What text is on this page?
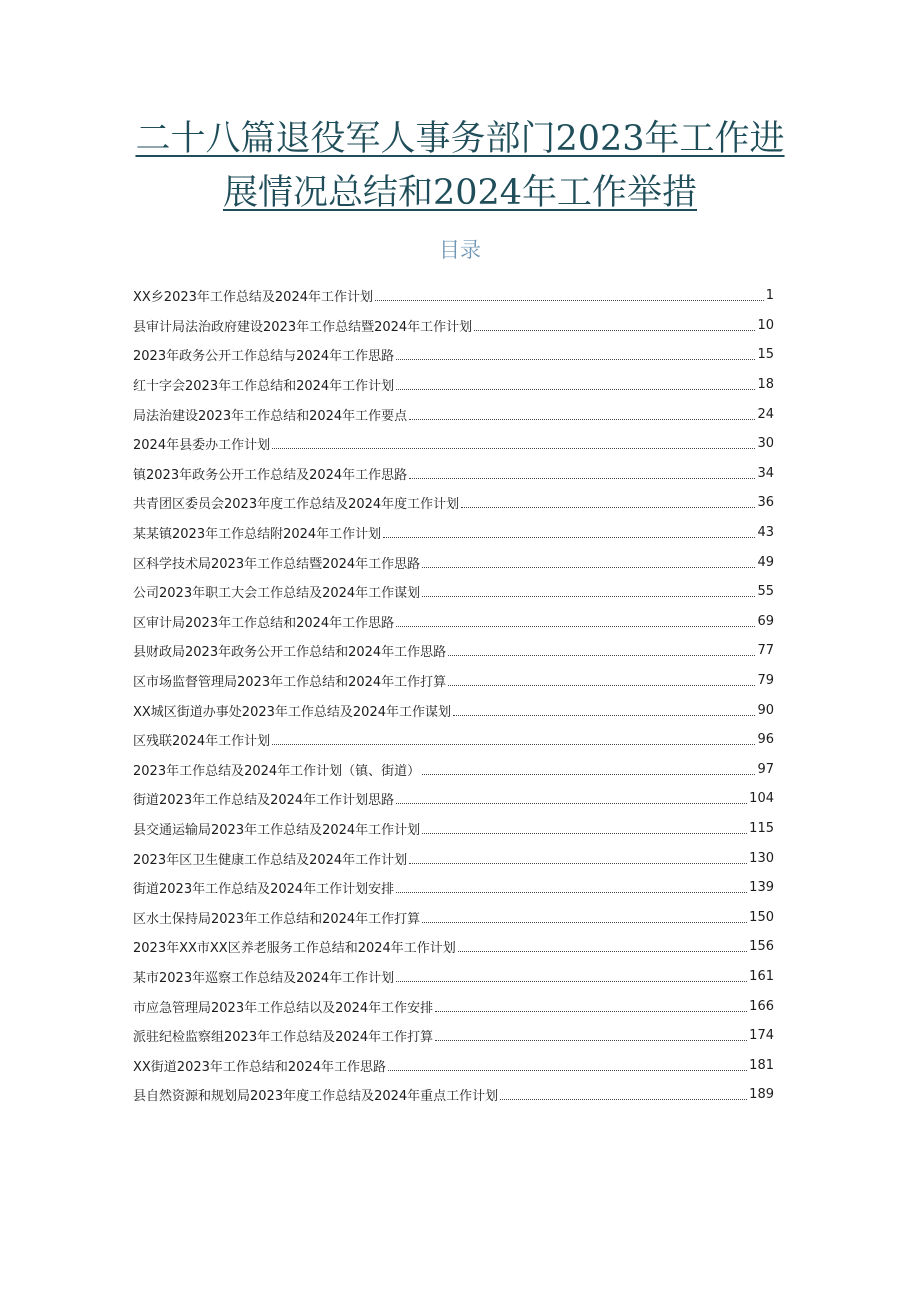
二十八篇退役军人事务部门2023年工作进
展情况总结和2024年工作举措
目录
XX乡2023年工作总结及2024年工作计划	1
县审计局法治政府建设2023年工作总结暨2024年工作计划	10
2023年政务公开工作总结与2024年工作思路	15
红十字会2023年工作总结和2024年工作计划	18
局法治建设2023年工作总结和2024年工作要点	24
2024年县委办工作计划	30
镇2023年政务公开工作总结及2024年工作思路	34
共青团区委员会2023年度工作总结及2024年度工作计划	36
某某镇2023年工作总结附2024年工作计划	43
区科学技术局2023年工作总结暨2024年工作思路	49
公司2023年职工大会工作总结及2024年工作谋划	55
区审计局2023年工作总结和2024年工作思路	69
县财政局2023年政务公开工作总结和2024年工作思路	77
区市场监督管理局2023年工作总结和2024年工作打算	79
XX城区街道办事处2023年工作总结及2024年工作谋划	90
区残联2024年工作计划	96
2023年工作总结及2024年工作计划（镇、街道）	97
街道2023年工作总结及2024年工作计划思路	104
县交通运输局2023年工作总结及2024年工作计划	115
2023年区卫生健康工作总结及2024年工作计划	130
街道2023年工作总结及2024年工作计划安排	139
区水土保持局2023年工作总结和2024年工作打算	150
2023年XX市XX区养老服务工作总结和2024年工作计划	156
某市2023年巡察工作总结及2024年工作计划	161
市应急管理局2023年工作总结以及2024年工作安排	166
派驻纪检监察组2023年工作总结及2024年工作打算	174
XX街道2023年工作总结和2024年工作思路	181
县自然资源和规划局2023年度工作总结及2024年重点工作计划	189
